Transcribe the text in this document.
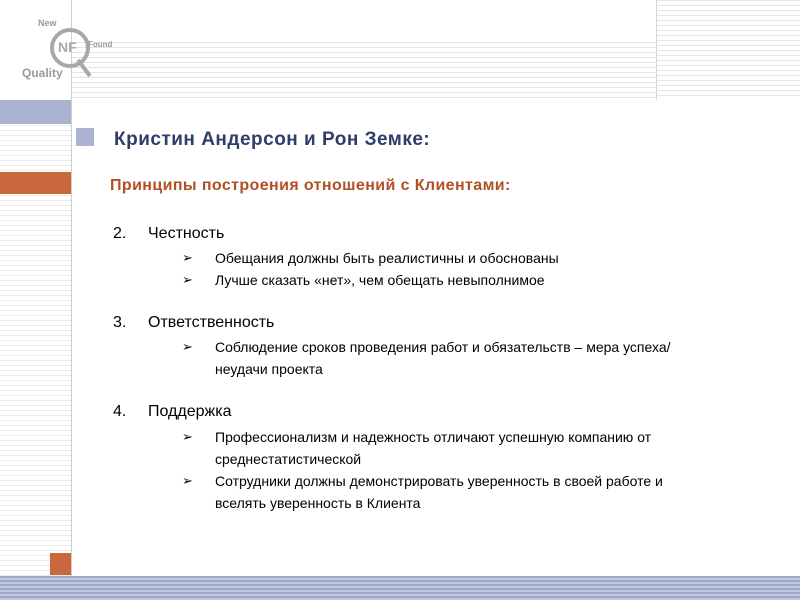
NF
New
Found
Quality
Кристин Андерсон и Рон Земке:
Принципы построения отношений с Клиентами:
2. Честность
➢ Обещания должны быть реалистичны и обоснованы
➢ Лучше сказать «нет», чем обещать невыполнимое
3. Ответственность
➢ Соблюдение сроков проведения работ и обязательств – мера успеха/неудачи проекта
4. Поддержка
➢ Профессионализм и надежность отличают успешную компанию от среднестатистической
➢ Сотрудники должны демонстрировать уверенность в своей работе и вселять уверенность в Клиента
